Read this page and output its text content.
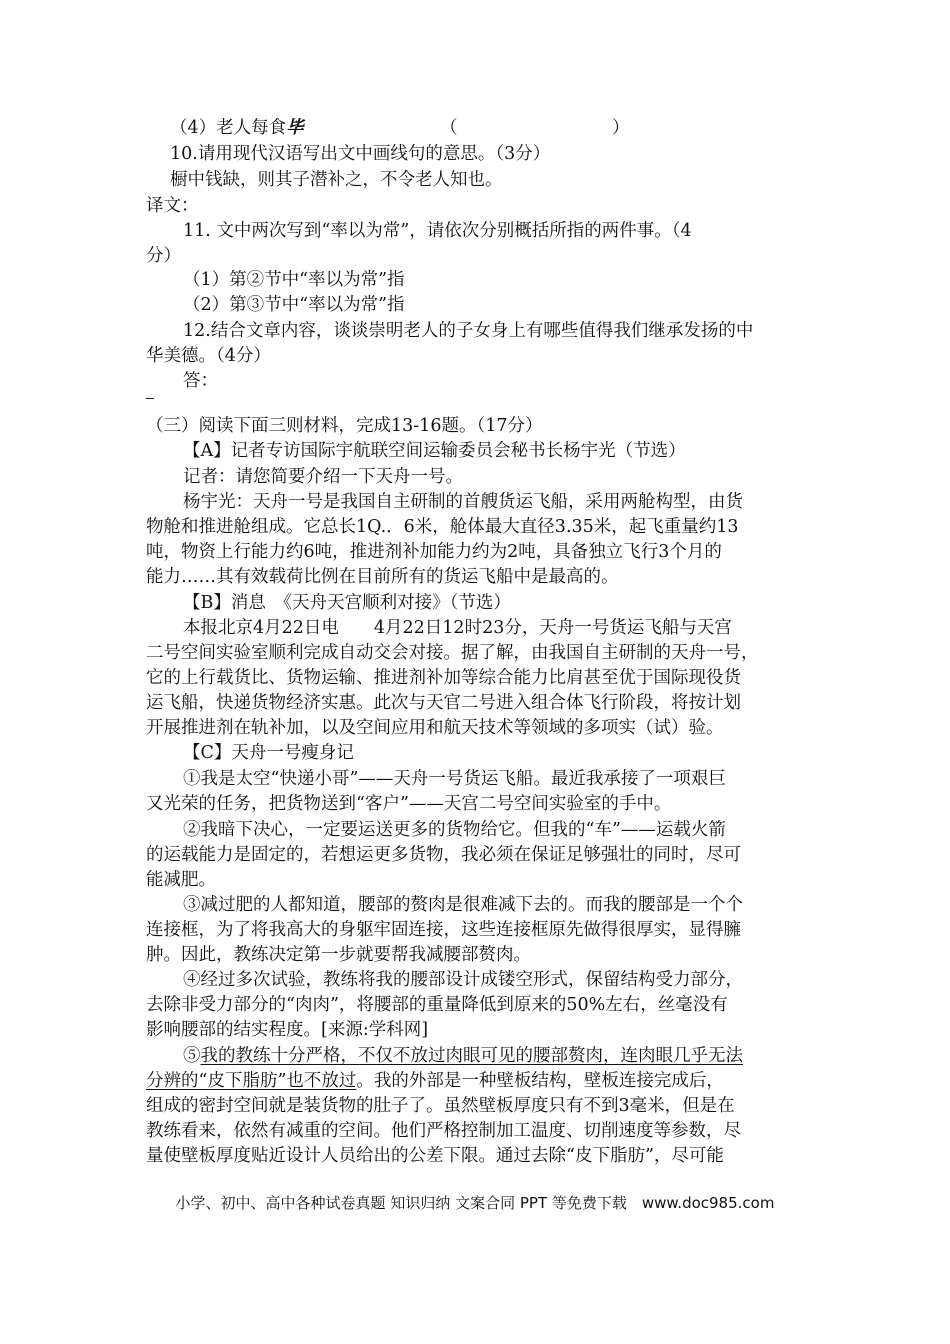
（4）老人每食毕	（	）
10.请用现代汉语写出文中画线句的意思。（3分）
橱中钱缺，则其子潜补之，不令老人知也。
译文：
11. 文中两次写到“率以为常”，请依次分别概括所指的两件事。（4
分）
（1）第②节中“率以为常”指
（2）第③节中“率以为常”指
12.结合文章内容，谈谈崇明老人的子女身上有哪些值得我们继承发扬的中
华美德。（4分）
答：
（三）阅读下面三则材料，完成13-16题。（17分）
【A】记者专访国际宇航联空间运输委员会秘书长杨宇光（节选）
记者：请您简要介绍一下天舟一号。
杨宇光：天舟一号是我国自主研制的首艘货运飞船，采用两舱构型，由货
物舱和推进舱组成。它总长1Q.．6米，舱体最大直径3.35米，起飞重量约13
吨，物资上行能力约6吨，推进剂补加能力约为2吨，具备独立飞行3个月的
能力……其有效载荷比例在目前所有的货运飞船中是最高的。
【B】消息　《天舟天宫顺利对接》（节选）
本报北京4月22日电　　4月22日12时23分，天舟一号货运飞船与天宫
二号空间实验室顺利完成自动交会对接。据了解，由我国自主研制的天舟一号，
它的上行载货比、货物运输、推进剂补加等综合能力比肩甚至优于国际现役货
运飞船，快递货物经济实惠。此次与天官二号进入组合体飞行阶段，将按计划
开展推进剂在轨补加，以及空间应用和航天技术等领域的多项实（试）验。
【C】天舟一号瘦身记
①我是太空“快递小哥”——天舟一号货运飞船。最近我承接了一项艰巨
又光荣的任务，把货物送到“客户”——天宫二号空间实验室的手中。
②我暗下决心，一定要运送更多的货物给它。但我的“车”——运载火箭
的运载能力是固定的，若想运更多货物，我必须在保证足够强壮的同时，尽可
能减肥。
③减过肥的人都知道，腰部的赘肉是很难减下去的。而我的腰部是一个个
连接框，为了将我高大的身躯牢固连接，这些连接框原先做得很厚实，显得臃
肿。因此，教练决定第一步就要帮我减腰部赘肉。
④经过多次试验，教练将我的腰部设计成镂空形式，保留结构受力部分，
去除非受力部分的“肉肉”，将腰部的重量降低到原来的50%左右，丝毫没有
影响腰部的结实程度。[来源:学科网]
⑤我的教练十分严格，不仅不放过肉眼可见的腰部赘肉，连肉眼几乎无法
分辨的“皮下脂肪”也不放过。我的外部是一种壁板结构，壁板连接完成后，
组成的密封空间就是装货物的肚子了。虽然壁板厚度只有不到3毫米，但是在
教练看来，依然有减重的空间。他们严格控制加工温度、切削速度等参数，尽
量使壁板厚度贴近设计人员给出的公差下限。通过去除“皮下脂肪”，尽可能
小学、初中、高中各种试卷真题 知识归纳 文案合同 PPT 等免费下载　www.doc985.com
